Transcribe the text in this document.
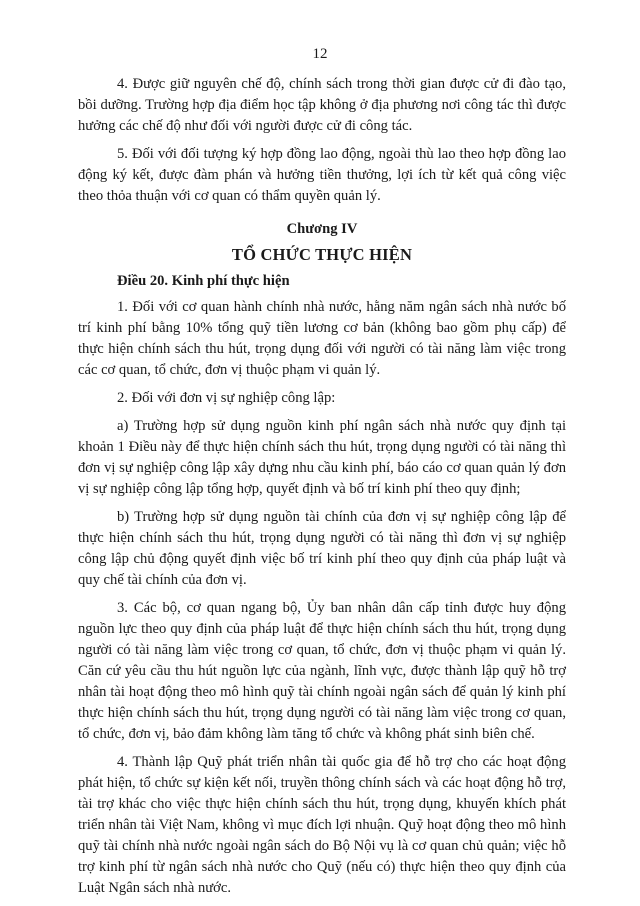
12

4. Được giữ nguyên chế độ, chính sách trong thời gian được cử đi đào tạo, bồi dưỡng. Trường hợp địa điểm học tập không ở địa phương nơi công tác thì được hưởng các chế độ như đối với người được cử đi công tác.

5. Đối với đối tượng ký hợp đồng lao động, ngoài thù lao theo hợp đồng lao động ký kết, được đàm phán và hưởng tiền thưởng, lợi ích từ kết quả công việc theo thỏa thuận với cơ quan có thẩm quyền quản lý.

Chương IV
TỔ CHỨC THỰC HIỆN

Điều 20. Kinh phí thực hiện

1. Đối với cơ quan hành chính nhà nước, hằng năm ngân sách nhà nước bố trí kinh phí bằng 10% tổng quỹ tiền lương cơ bản (không bao gồm phụ cấp) để thực hiện chính sách thu hút, trọng dụng đối với người có tài năng làm việc trong các cơ quan, tổ chức, đơn vị thuộc phạm vi quản lý.

2. Đối với đơn vị sự nghiệp công lập:

a) Trường hợp sử dụng nguồn kinh phí ngân sách nhà nước quy định tại khoản 1 Điều này để thực hiện chính sách thu hút, trọng dụng người có tài năng thì đơn vị sự nghiệp công lập xây dựng nhu cầu kinh phí, báo cáo cơ quan quản lý đơn vị sự nghiệp công lập tổng hợp, quyết định và bố trí kinh phí theo quy định;

b) Trường hợp sử dụng nguồn tài chính của đơn vị sự nghiệp công lập để thực hiện chính sách thu hút, trọng dụng người có tài năng thì đơn vị sự nghiệp công lập chủ động quyết định việc bố trí kinh phí theo quy định của pháp luật và quy chế tài chính của đơn vị.

3. Các bộ, cơ quan ngang bộ, Ủy ban nhân dân cấp tỉnh được huy động nguồn lực theo quy định của pháp luật để thực hiện chính sách thu hút, trọng dụng người có tài năng làm việc trong cơ quan, tổ chức, đơn vị thuộc phạm vi quản lý. Căn cứ yêu cầu thu hút nguồn lực của ngành, lĩnh vực, được thành lập quỹ hỗ trợ nhân tài hoạt động theo mô hình quỹ tài chính ngoài ngân sách để quản lý kinh phí thực hiện chính sách thu hút, trọng dụng người có tài năng làm việc trong cơ quan, tổ chức, đơn vị, bảo đảm không làm tăng tổ chức và không phát sinh biên chế.

4. Thành lập Quỹ phát triển nhân tài quốc gia để hỗ trợ cho các hoạt động phát hiện, tổ chức sự kiện kết nối, truyền thông chính sách và các hoạt động hỗ trợ, tài trợ khác cho việc thực hiện chính sách thu hút, trọng dụng, khuyến khích phát triển nhân tài Việt Nam, không vì mục đích lợi nhuận. Quỹ hoạt động theo mô hình quỹ tài chính nhà nước ngoài ngân sách do Bộ Nội vụ là cơ quan chủ quản; việc hỗ trợ kinh phí từ ngân sách nhà nước cho Quỹ (nếu có) thực hiện theo quy định của Luật Ngân sách nhà nước.
